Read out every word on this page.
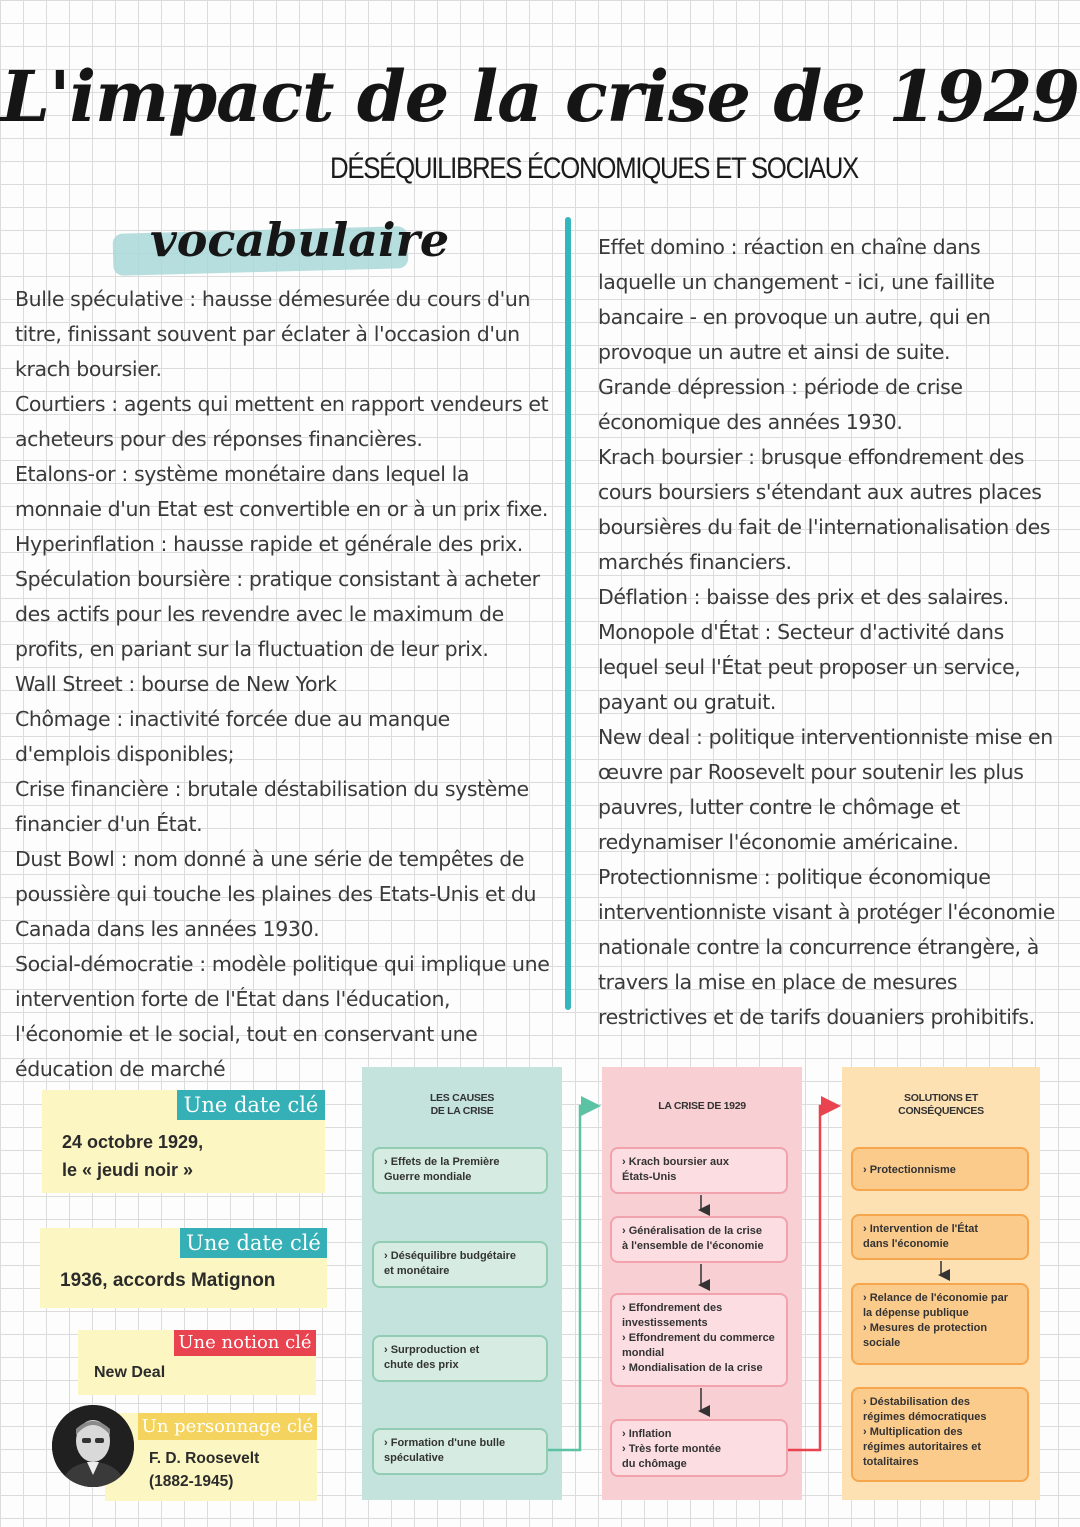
L'impact de la crise de 1929
DÉSÉQUILIBRES ÉCONOMIQUES ET SOCIAUX
vocabulaire

Bulle spéculative : hausse démesurée du cours d'un titre, finissant souvent par éclater à l'occasion d'un krach boursier.

Courtiers : agents qui mettent en rapport vendeurs et acheteurs pour des réponses financières.

Etalons-or : système monétaire dans lequel la monnaie d'un Etat est convertible en or à un prix fixe.

Hyperinflation : hausse rapide et générale des prix.

Spéculation boursière : pratique consistant à acheter des actifs pour les revendre avec le maximum de profits, en pariant sur la fluctuation de leur prix.

Wall Street : bourse de New York

Chômage : inactivité forcée due au manque d'emplois disponibles;

Crise financière : brutale déstabilisation du système financier d'un État.

Dust Bowl : nom donné à une série de tempêtes de poussière qui touche les plaines des Etats-Unis et du Canada dans les années 1930.

Social-démocratie : modèle politique qui implique une intervention forte de l'État dans l'éducation, l'économie et le social, tout en conservant une éducation de marché

Effet domino : réaction en chaîne dans laquelle un changement - ici, une faillite bancaire - en provoque un autre, qui en provoque un autre et ainsi de suite.

Grande dépression : période de crise économique des années 1930.

Krach boursier : brusque effondrement des cours boursiers s'étendant aux autres places boursières du fait de l'internationalisation des marchés financiers.

Déflation : baisse des prix et des salaires.

Monopole d'État : Secteur d'activité dans lequel seul l'État peut proposer un service, payant ou gratuit.

New deal : politique interventionniste mise en œuvre par Roosevelt pour soutenir les plus pauvres, lutter contre le chômage et redynamiser l'économie américaine.

Protectionnisme : politique économique interventionniste visant à protéger l'économie nationale contre la concurrence étrangère, à travers la mise en place de mesures restrictives et de tarifs douaniers prohibitifs.

Une date clé
24 octobre 1929,
le « jeudi noir »
Une date clé
1936, accords Matignon
Une notion clé
New Deal
Un personnage clé
F. D. Roosevelt
(1882-1945)
LES CAUSES
DE LA CRISE
› Effets de la Première
Guerre mondiale
› Déséquilibre budgétaire
et monétaire
› Surproduction et
chute des prix
› Formation d'une bulle
spéculative
LA CRISE DE 1929
› Krach boursier aux
États-Unis
› Généralisation de la crise
à l'ensemble de l'économie
› Effondrement des
investissements
› Effondrement du commerce
mondial
› Mondialisation de la crise
› Inflation
› Très forte montée
du chômage
SOLUTIONS ET
CONSÉQUENCES
› Protectionnisme
› Intervention de l'État
dans l'économie
› Relance de l'économie par
la dépense publique
› Mesures de protection
sociale
› Déstabilisation des
régimes démocratiques
› Multiplication des
régimes autoritaires et
totalitaires
